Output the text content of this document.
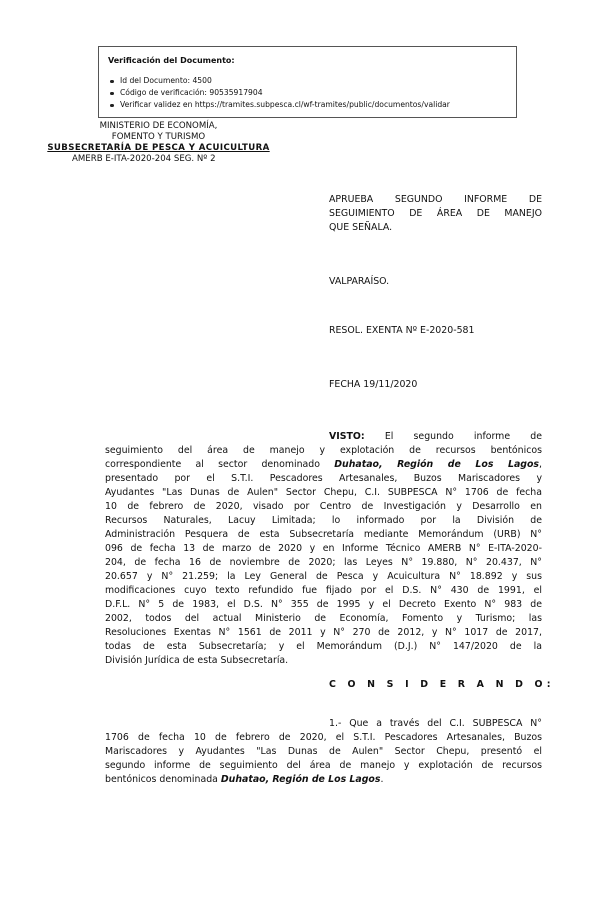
Verificación del Documento:
Id del Documento: 4500
Código de verificación: 90535917904
Verificar validez en https://tramites.subpesca.cl/wf-tramites/public/documentos/validar
MINISTERIO DE ECONOMÍA,
FOMENTO Y TURISMO
SUBSECRETARÍA DE PESCA Y ACUICULTURA
AMERB E-ITA-2020-204 SEG. Nº 2
APRUEBA SEGUNDO INFORME DE
SEGUIMIENTO DE ÁREA DE MANEJO
QUE SEÑALA.
VALPARAÍSO.
RESOL. EXENTA Nº E-2020-581
FECHA 19/11/2020
VISTO: El segundo informe de
seguimiento del área de manejo y explotación de recursos bentónicos
correspondiente al sector denominado Duhatao, Región de Los Lagos,
presentado por el S.T.I. Pescadores Artesanales, Buzos Mariscadores y
Ayudantes "Las Dunas de Aulen" Sector Chepu, C.I. SUBPESCA N° 1706 de fecha
10 de febrero de 2020, visado por Centro de Investigación y Desarrollo en
Recursos Naturales, Lacuy Limitada; lo informado por la División de
Administración Pesquera de esta Subsecretaría mediante Memorándum (URB) N°
096 de fecha 13 de marzo de 2020 y en Informe Técnico AMERB N° E-ITA-2020-
204, de fecha 16 de noviembre de 2020; las Leyes N° 19.880, N° 20.437, N°
20.657 y N° 21.259; la Ley General de Pesca y Acuicultura N° 18.892 y sus
modificaciones cuyo texto refundido fue fijado por el D.S. N° 430 de 1991, el
D.F.L. N° 5 de 1983, el D.S. N° 355 de 1995 y el Decreto Exento N° 983 de
2002, todos del actual Ministerio de Economía, Fomento y Turismo; las
Resoluciones Exentas N° 1561 de 2011 y N° 270 de 2012, y N° 1017 de 2017,
todas de esta Subsecretaría; y el Memorándum (D.J.) N° 147/2020 de la
División Jurídica de esta Subsecretaría.
C O N S I D E R A N D O:
1.- Que a través del C.I. SUBPESCA N°
1706 de fecha 10 de febrero de 2020, el S.T.I. Pescadores Artesanales, Buzos
Mariscadores y Ayudantes "Las Dunas de Aulen" Sector Chepu, presentó el
segundo informe de seguimiento del área de manejo y explotación de recursos
bentónicos denominada Duhatao, Región de Los Lagos.
